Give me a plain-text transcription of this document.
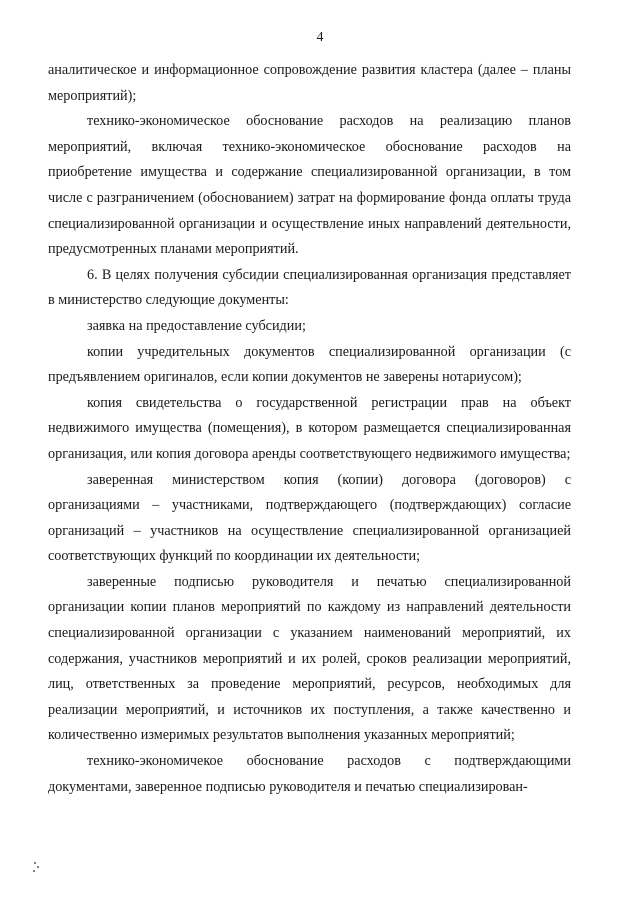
4

аналитическое и информационное сопровождение развития кластера (далее – планы мероприятий);

технико-экономическое обоснование расходов на реализацию планов мероприятий, включая технико-экономическое обоснование расходов на приобретение имущества и содержание специализированной организации, в том числе с разграничением (обоснованием) затрат на формирование фонда оплаты труда специализированной организации и осуществление иных направлений деятельности, предусмотренных планами мероприятий.

6. В целях получения субсидии специализированная организация представляет в министерство следующие документы:

заявка на предоставление субсидии;

копии учредительных документов специализированной организации (с предъявлением оригиналов, если копии документов не заверены нотариусом);

копия свидетельства о государственной регистрации прав на объект недвижимого имущества (помещения), в котором размещается специализированная организация, или копия договора аренды соответствующего недвижимого имущества;

заверенная министерством копия (копии) договора (договоров) с организациями – участниками, подтверждающего (подтверждающих) согласие организаций – участников на осуществление специализированной организацией соответствующих функций по координации их деятельности;

заверенные подписью руководителя и печатью специализированной организации копии планов мероприятий по каждому из направлений деятельности специализированной организации с указанием наименований мероприятий, их содержания, участников мероприятий и их ролей, сроков реализации мероприятий, лиц, ответственных за проведение мероприятий, ресурсов, необходимых для реализации мероприятий, и источников их поступления, а также качественно и количественно измеримых результатов выполнения указанных мероприятий;

технико-экономичекое обоснование расходов с подтверждающими документами, заверенное подписью руководителя и печатью специализирован-
